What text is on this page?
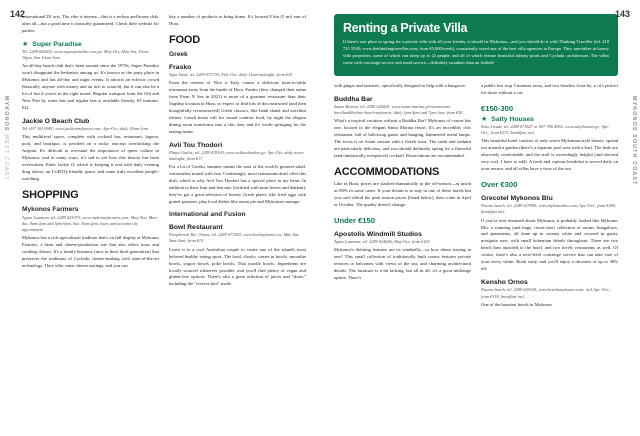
142
MYKONOS WEST COAST

international DJ acts. The vibe is intense—this is a techno and house club, after all—but a good time is basically guaranteed. Check their website for parties.

★ Super Paradise
Tel. 2289 026002; www.superparadise.com.gr; May-Oct, Mon-Sat, 10am-10pm, Sun 10am-3am

An all-day beach club that's been around since the 1970s, Super Paradise won't disappoint the hedonists among us. It's known as the party place in Mykonos and has all-day and night events. It attracts an eclectic crowd (basically, anyone with money and an itch to scratch), but it can also be a lot of fun if you're in the right mood. Regular transport from the Old and New Port by water bus and regular bus is available (hourly, €5 minutes; €2).

Jackie O Beach Club
Tel. 697 301 0981; www.jackieomykonos.com; Apr.-Oct, daily 10am-1am

This multilevel space, complete with cocktail bar, restaurant, lagoon, pool, and boutique, is perched on a rocky outcrop overlooking the Aegean. It's difficult to overstate the importance of queer culture in Mykonos, and in many ways, it's sad to see how this history has been overwritten. Enter Jackie O, which is keeping it real with daily evening drag shows, an LGBTQ-friendly space, and some truly excellent people-watching.

SHOPPING
Mykonos Farmers
Agiou Loannou, tel. 2289 023970; www.mykonosfarmers.com; May-Nov, Mon.-Sat. 9am-2pm and 5pm-9pm, Sun. 8am-2pm, tours and activities by appointment

Mykonos has a rich agricultural tradition that's on full display at Mykonos Farmers, a farm and cheese-production site that also offers tours and cooking classes. It's a family business (now in their third generation) that preserves the traditions of Cycladic cheese-making with state-of-the-art technology. They offer some cheese tastings, and you can

buy a number of products to bring home. It's located 8 km (5 mi) east of Hora.

FOOD
Greek
Frasko
Agia Anna; tel. 2289 073730; Feb.-Oct, daily 11am-midnight; from €15

From the owners of Nice n Easy comes a delicious farm-to-table restaurant away from the bustle of Hora. Frasko (they changed their name from Farm N Sea in 2021) is more of a gourmet restaurant than their flagship location in Hora, so expect to find lots of deconstructed (and then thoughtfully reconstructed) Greek classics, like lamb shank and zucchini fritters. Lunch hours call for casual comfort food; by night the elegant dining room transforms into a chic den, and it's worth springing for the tasting menu.

Avli Tou Thodori
Platys Gialos; tel. 2289 078100; www.avlitouthodori.gr; Apr.-Oct, daily noon-midnight; from €17

For a lot of Greeks, summer means the start of the world's greatest salad: watermelon mixed with feta. Confusingly, most restaurants don't offer this dish, which is why Avli Tou Thodori has a special place in my heart. In addition to their fruit and feta mix (fortified with mint leaves and dukkan), they've got a great selection of homey Greek plates, like fried eggs with grated potatoes, plus local dishes like onion pie and Mykonian sausage.

International and Fusion
Bowl Restaurant
Periphereal Rd., Ornos; tel. 2289 077659; www.bowlmykonos.co; Mar.-Sat. 9am-2am; from €15

Leave it to a cool Australian couple to create one of the island's most beloved healthy eating spots. The food, clearly, comes in bowls: smoothie bowls, yogurt bowls, poke bowls, Thai noodle bowls. Ingredients are locally sourced whenever possible, and you'll find plenty of vegan and gluten-free options. There's also a great selection of juices and "shots," including the "reviver shot" made

143
MYKONOS SOUTH COAST
Renting a Private Villa

If there's one place to spring for a private villa with all your friends, it should be Mykonos—and you should do it with Thinking Traveller (tel. 210 721 5530; www.thethinkingtraveller.com; from €5,000/week), consistently voted one of the best villa agencies in Europe. They specialize in luxury villa properties, some of which can sleep up to 22 people, and all of which feature beautiful infinity pools and Cycladic architecture. The villas come with concierge service and maid service—definitely swankier than an Airbnb!

with ginger and turmeric, specifically designed to help with a hangover.

Buddha Bar
Santa Marina; tel. 2289 026025; www.santa-marina.gr/restaurants-bars/buddha-bar-beach-mykonos; daily 1pm-4pm and 7pm-1am; from €20

What's a tropical vacation without a Buddha Bar? Mykonos of course has one, located in the elegant Santa Marina resort. It's an incredibly chic restaurant, full of billowing gauze and hanging, hammered metal lamps. The focus is on Asian cuisine with a Greek twist. The sushi and sashimi are particularly delicious, and you should definitely spring for a flavorful (and fantastically overpriced) cocktail. Reservations are recommended.

ACCOMMODATIONS

Like in Hora, prices are slashed dramatically in the off-season—as much as 80% in some cases. If your dream is to stay in one of these hotels but you can't afford the peak season prices (listed below), then come in April or October. The quality doesn't change.

Under €150
Apostolis Windmill Studios
Agios Loannou; tel. 2289 024606; May-Oct; from €120

Mykonos's defining features are its windmills—so how about staying in one? This small collection of traditionally built rooms features private terraces or balconies with views of the sea, and charming architectural details. The furniture is a bit lacking, but all in all, it's a great midrange option. There's

a public bus stop 5 minutes away, and two beaches close by, so it's perfect for those without a car.

€150-300
★ Salty Houses
Kato Livadi; tel. 2289 073627 or 697 786 4092; www.saltyhouses.gr; Apr.-Oct.; from €272, breakfast incl.

This beautiful hotel consists of only seven Mykonian-style homes, spread out around a garden (there's a separate pool area with a bar). The beds are obscenely comfortable, and the staff is exceedingly helpful (and dressed very cool, I have to add). A fresh and copious breakfast is served daily on your terrace, and all villas have a view of the sea.

Over €300
Grecotel Mykonos Blu
Psarou beach; tel. 2289 027900; www.mykonosblu.com; Apr.-Oct.; from €400, breakfast incl.

If you've ever dreamed about Mykonos, it probably looked like Mykonos Blu, a stunning (and huge, resort-size) collection of rooms, bungalows, and apartments, all done up in creamy white and covered in gauzy mosquito nets, with small bohemian details throughout. There are two beach bars attached to the hotel, and two lovely restaurants as well. Of course, there's also a next-level concierge service that can take care of your every whim. Book early, and you'll enjoy a discount of up to 30% off.

Kensho Ornos
Psarou beach; tel. 2289 029100; www.kenshomykonos.com; incl.Apr.-Oct.; from €318, breakfast incl.

One of the buzziest hotels in Mykonos
